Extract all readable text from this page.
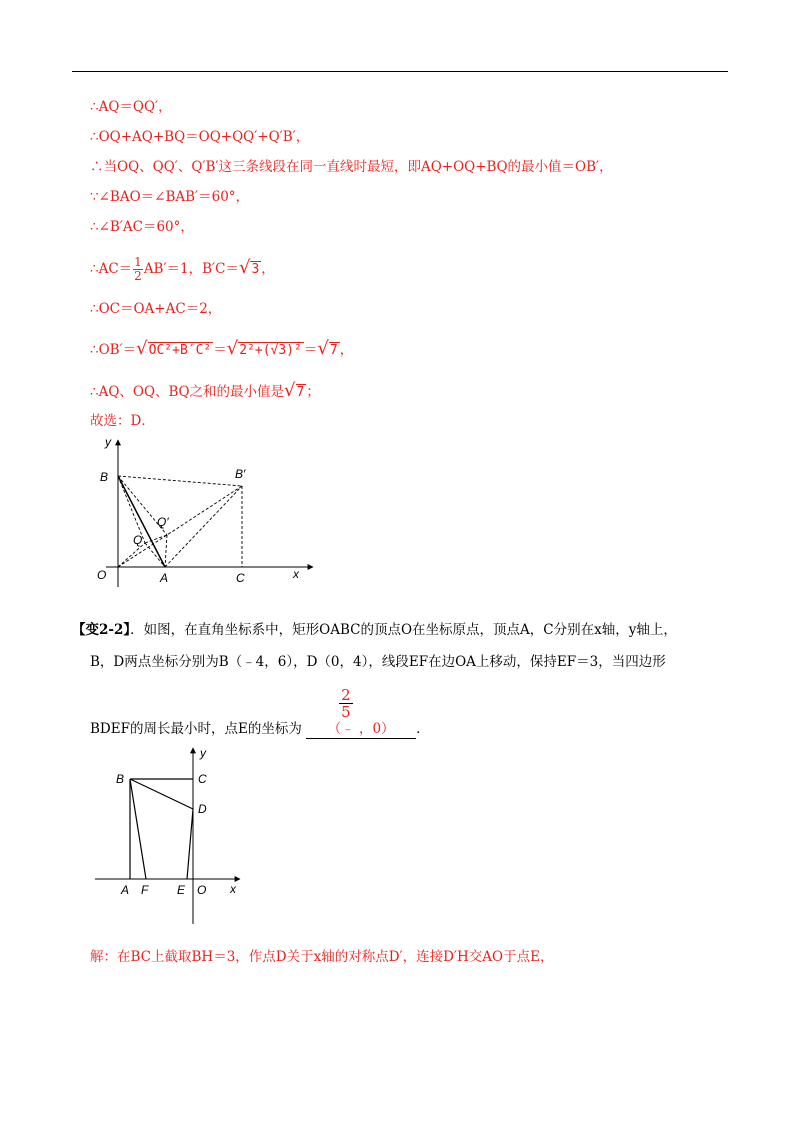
∴AQ＝QQ′，
∴OQ+AQ+BQ＝OQ+QQ′+Q′B′，
∴当OQ、QQ′、Q′B′这三条线段在同一直线时最短，即AQ+OQ+BQ的最小值＝OB′，
∵∠BAO＝∠BAB′＝60°，
∴∠B′AC＝60°，
∴AC＝ $\frac{1}{2} AB'=1$，B′C＝√3 ，
∴OC＝OA+AC＝2，
∴OB′＝√OC²+B′C² ＝√2²+(√3)² ＝√7 ，
∴AQ、OQ、BQ之和的最小值是√7 ；
故选：D．
y
B	B′
Q′
Q
O	A	C	x
【变2-2】．如图，在直角坐标系中，矩形OABC的顶点O在坐标原点，顶点A，C分别在x轴，y轴上，
B，D两点坐标分别为B（﹣4，6），D（0，4），线段EF在边OA上移动，保持EF＝3，当四边形
BDEF的周长最小时，点E的坐标为
2
5
（﹣ ，0） ．
y
B	C
D
A F E O x
解：在BC上截取BH＝3，作点D关于x轴的对称点D′，连接D′H交AO于点E，
